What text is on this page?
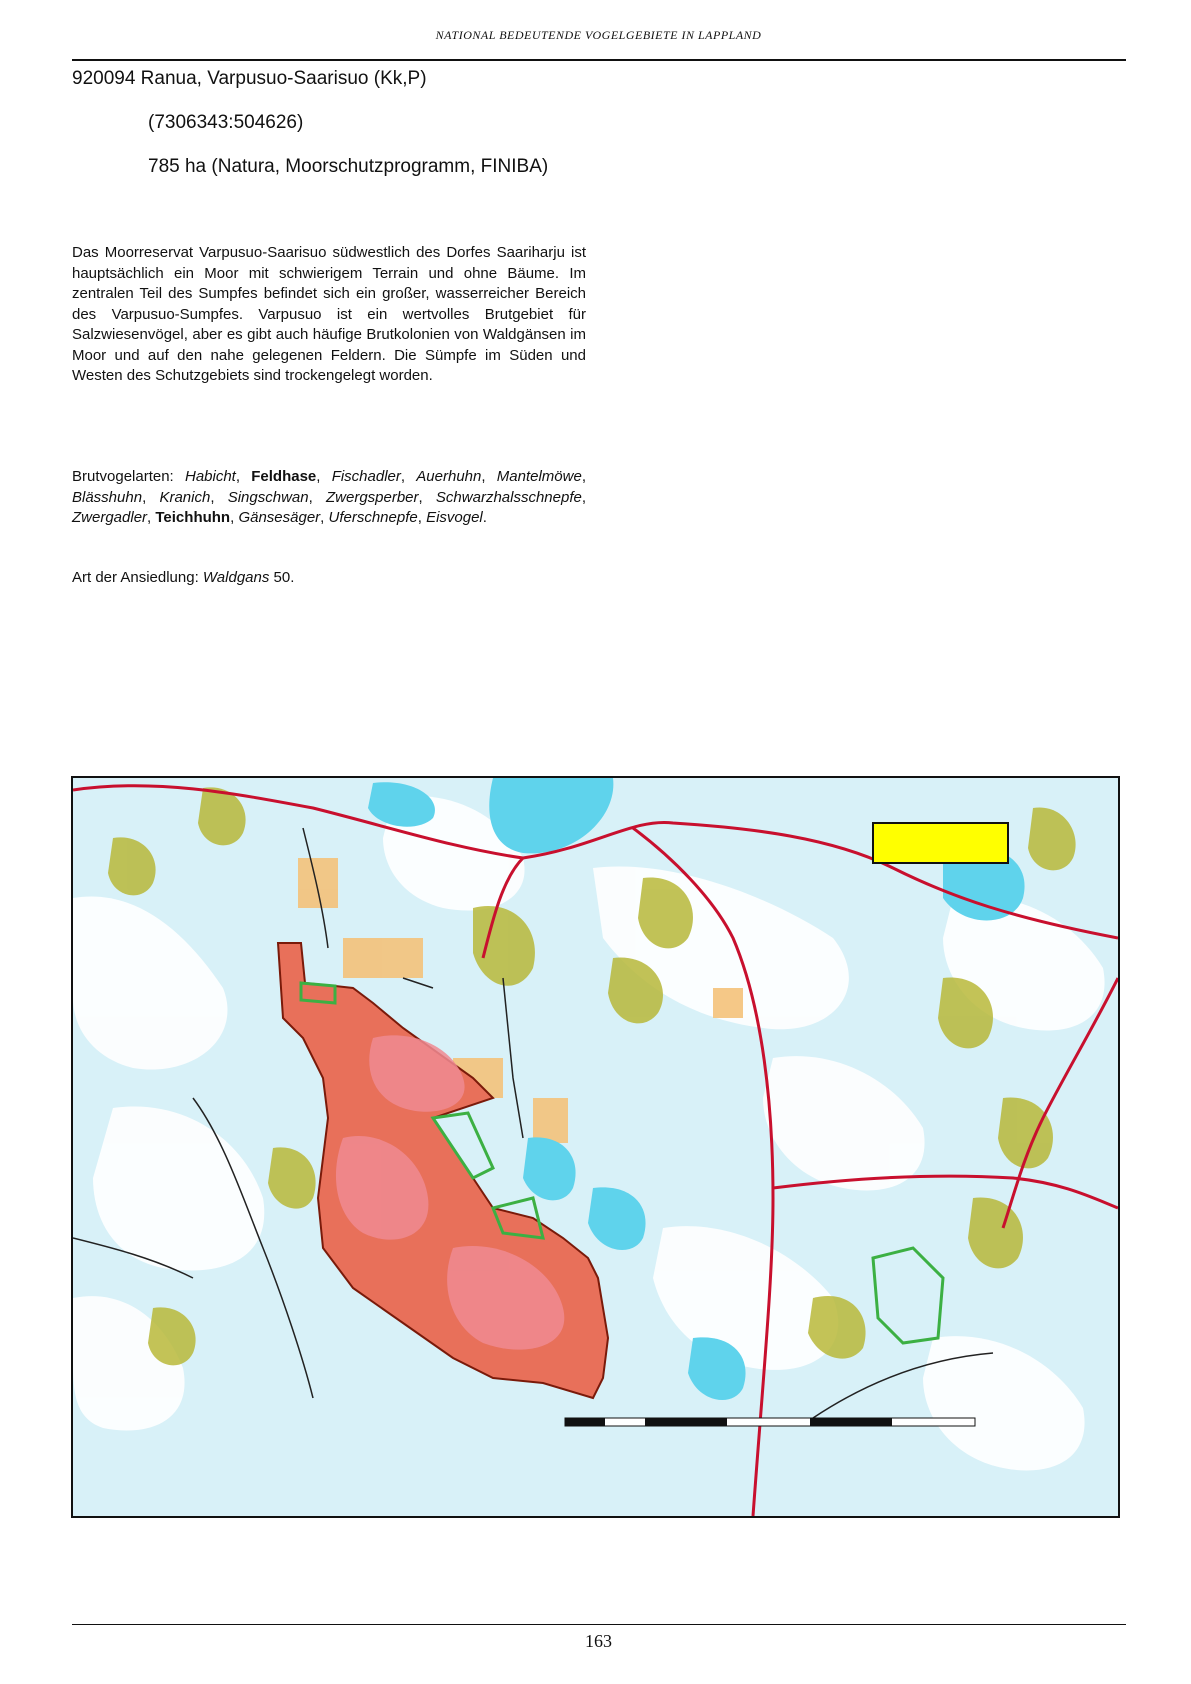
NATIONAL BEDEUTENDE VOGELGEBIETE IN LAPPLAND
920094 Ranua, Varpusuo-Saarisuo (Kk,P)
(7306343:504626)
785 ha (Natura, Moorschutzprogramm, FINIBA)
Das Moorreservat Varpusuo-Saarisuo südwestlich des Dorfes Saariharju ist hauptsächlich ein Moor mit schwierigem Terrain und ohne Bäume. Im zentralen Teil des Sumpfes befindet sich ein großer, wasserreicher Bereich des Varpusuo-Sumpfes. Varpusuo ist ein wertvolles Brutgebiet für Salzwiesenvögel, aber es gibt auch häufige Brutkolonien von Waldgänsen im Moor und auf den nahe gelegenen Feldern. Die Sümpfe im Süden und Westen des Schutzgebiets sind trockengelegt worden.
Brutvogelarten: Habicht, Feldhase, Fischadler, Auerhuhn, Mantelmöwe, Blässhuhn, Kranich, Singschwan, Zwergsperber, Schwarzhalsschnepfe, Zwergadler, Teichhuhn, Gänsesäger, Uferschnepfe, Eisvogel.
Art der Ansiedlung: Waldgans 50.
163
